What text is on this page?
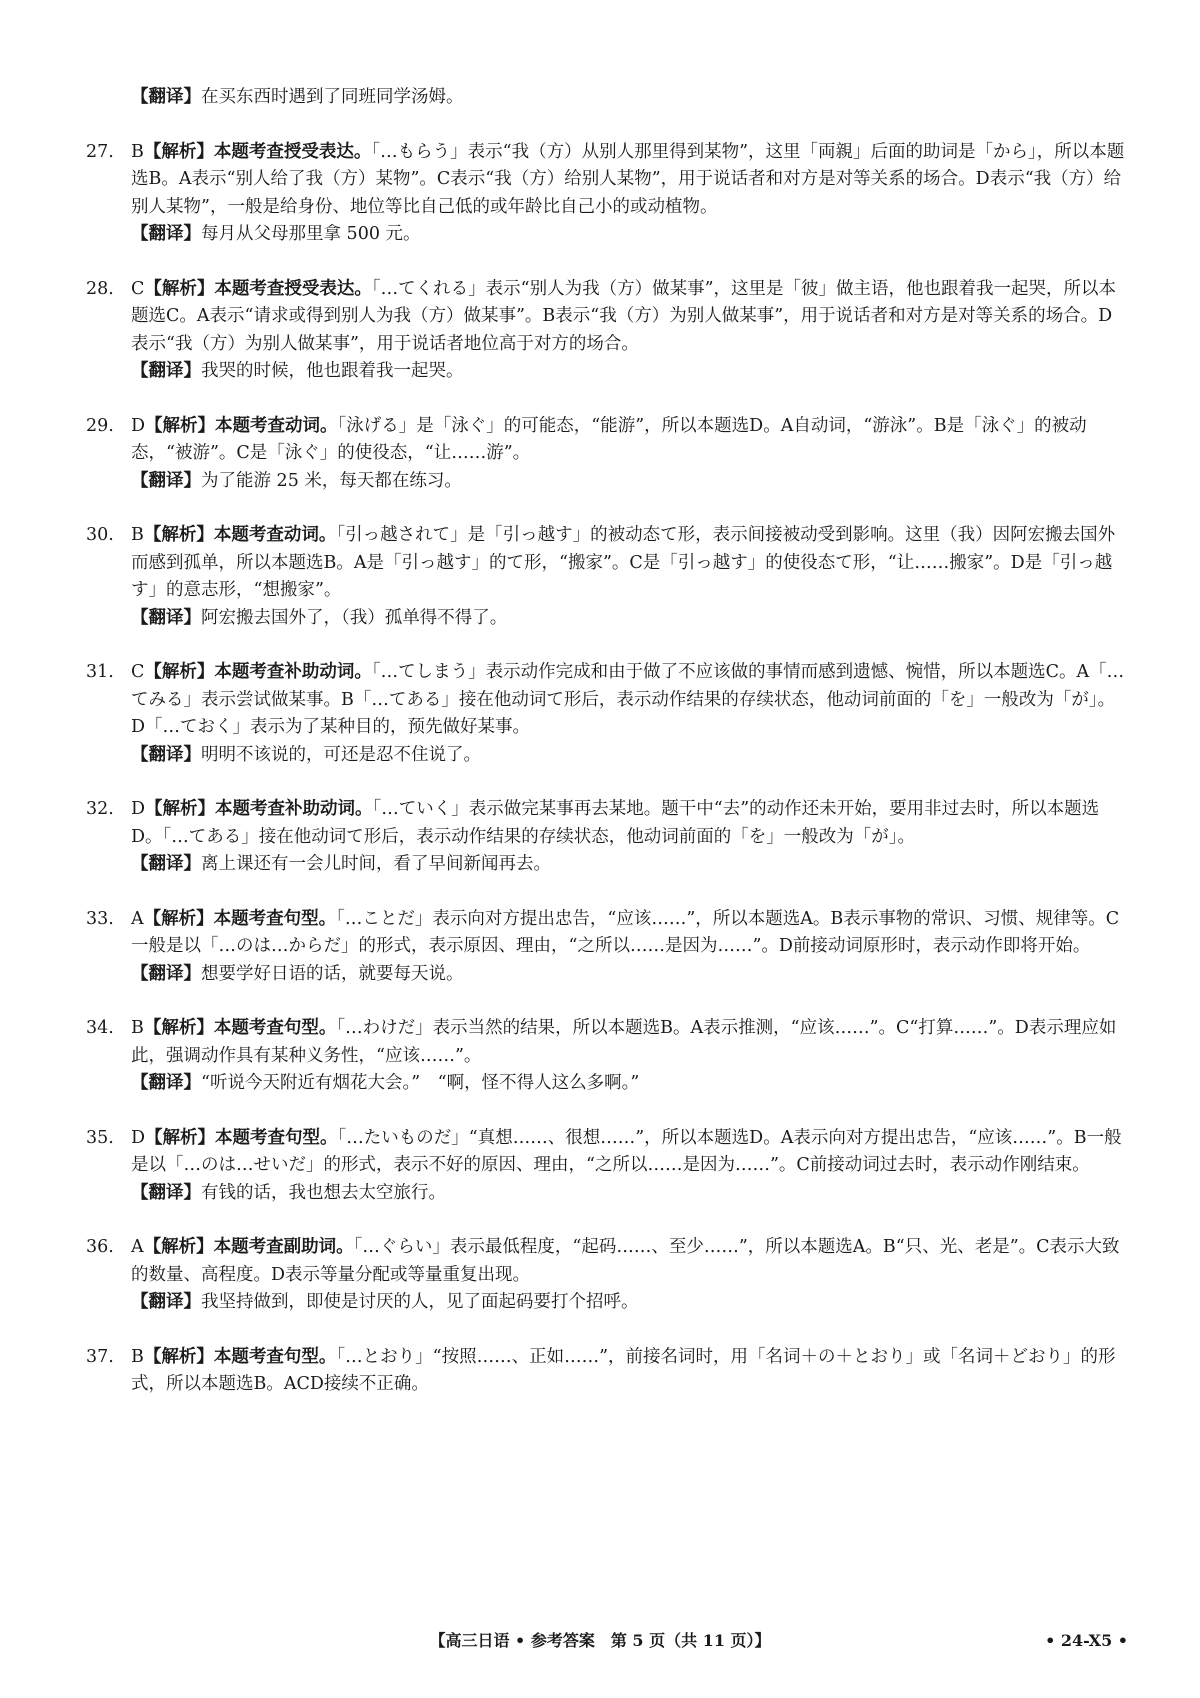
【翻译】在买东西时遇到了同班同学汤姆。
27. B【解析】本题考查授受表达。「…もらう」表示“我（方）从别人那里得到某物”，这里「両親」后面的助词是「から」，所以本题选B。A表示“别人给了我（方）某物”。C表示“我（方）给别人某物”，用于说话者和对方是对等关系的场合。D表示“我（方）给别人某物”，一般是给身份、地位等比自己低的或年龄比自己小的或动植物。
【翻译】每月从父母那里拿 500 元。
28. C【解析】本题考查授受表达。「…てくれる」表示“别人为我（方）做某事”，这里是「彼」做主语，他也跟着我一起哭，所以本题选C。A表示“请求或得到别人为我（方）做某事”。B表示“我（方）为别人做某事”，用于说话者和对方是对等关系的场合。D表示“我（方）为别人做某事”，用于说话者地位高于对方的场合。
【翻译】我哭的时候，他也跟着我一起哭。
29. D【解析】本题考查动词。「泳げる」是「泳ぐ」的可能态，“能游”，所以本题选D。A自动词，“游泳”。B是「泳ぐ」的被动态，“被游”。C是「泳ぐ」的使役态，“让……游”。
【翻译】为了能游 25 米，每天都在练习。
30. B【解析】本题考查动词。「引っ越されて」是「引っ越す」的被动态て形，表示间接被动受到影响。这里（我）因阿宏搬去国外而感到孤单，所以本题选B。A是「引っ越す」的て形，“搬家”。C是「引っ越す」的使役态て形，“让……搬家”。D是「引っ越す」的意志形，“想搬家”。
【翻译】阿宏搬去国外了，（我）孤单得不得了。
31. C【解析】本题考查补助动词。「…てしまう」表示动作完成和由于做了不应该做的事情而感到遗憾、惋惜，所以本题选C。A「…てみる」表示尝试做某事。B「…てある」接在他动词て形后，表示动作结果的存续状态，他动词前面的「を」一般改为「が」。D「…ておく」表示为了某种目的，预先做好某事。
【翻译】明明不该说的，可还是忍不住说了。
32. D【解析】本题考查补助动词。「…ていく」表示做完某事再去某地。题干中“去”的动作还未开始，要用非过去时，所以本题选D。「…てある」接在他动词て形后，表示动作结果的存续状态，他动词前面的「を」一般改为「が」。
【翻译】离上课还有一会儿时间，看了早间新闻再去。
33. A【解析】本题考查句型。「…ことだ」表示向对方提出忠告，“应该……”，所以本题选A。B表示事物的常识、习惯、规律等。C一般是以「…のは…からだ」的形式，表示原因、理由，“之所以……是因为……”。D前接动词原形时，表示动作即将开始。
【翻译】想要学好日语的话，就要每天说。
34. B【解析】本题考查句型。「…わけだ」表示当然的结果，所以本题选B。A表示推测，“应该……”。C“打算……”。D表示理应如此，强调动作具有某种义务性，“应该……”。
【翻译】“听说今天附近有烟花大会。”　“啊，怪不得人这么多啊。”
35. D【解析】本题考查句型。「…たいものだ」“真想……、很想……”，所以本题选D。A表示向对方提出忠告，“应该……”。B一般是以「…のは…せいだ」的形式，表示不好的原因、理由，“之所以……是因为……”。C前接动词过去时，表示动作刚结束。
【翻译】有钱的话，我也想去太空旅行。
36. A【解析】本题考查副助词。「…ぐらい」表示最低程度，“起码……、至少……”，所以本题选A。B“只、光、老是”。C表示大致的数量、高程度。D表示等量分配或等量重复出现。
【翻译】我坚持做到，即使是讨厌的人，见了面起码要打个招呼。
37. B【解析】本题考查句型。「…とおり」“按照……、正如……”，前接名词时，用「名词＋の＋とおり」或「名词＋どおり」的形式，所以本题选B。ACD接续不正确。
【高三日语 • 参考答案　第 5 页（共 11 页）】	• 24-X5 •
